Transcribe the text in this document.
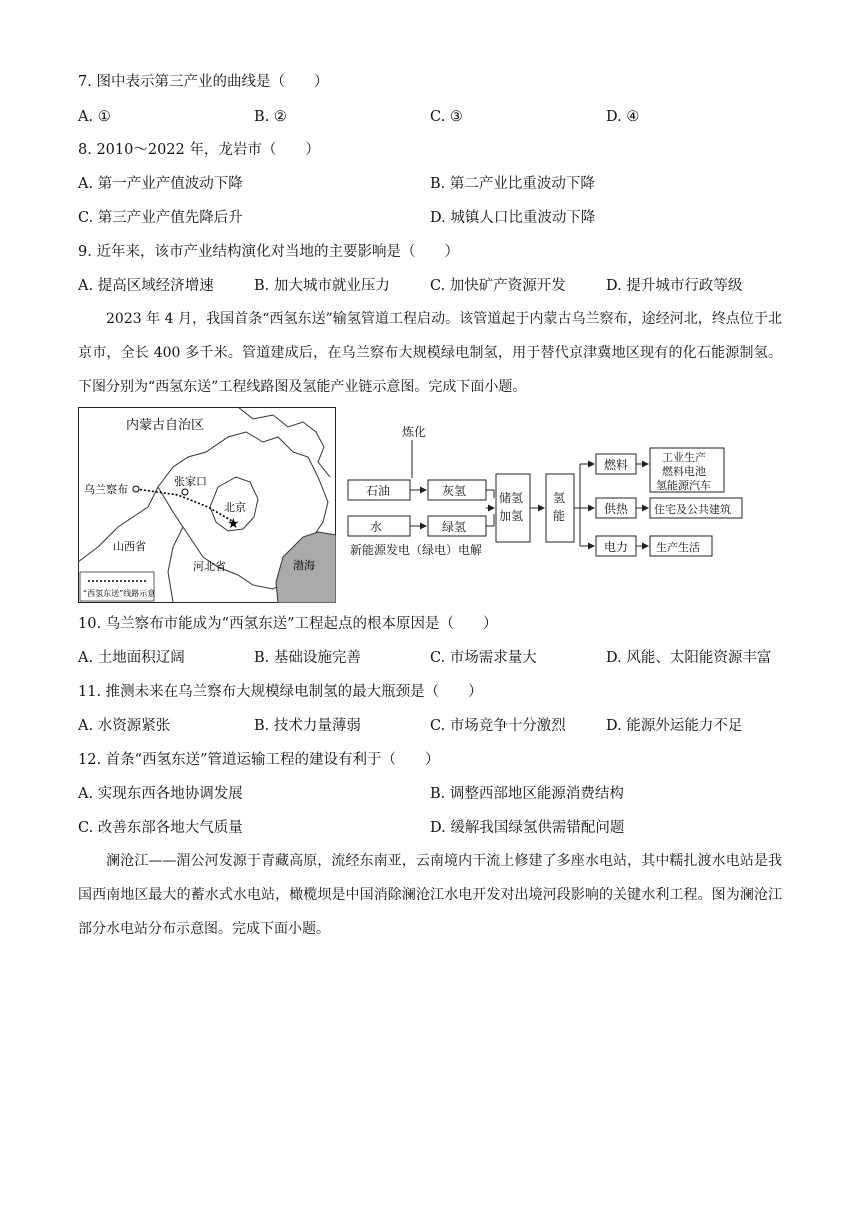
7. 图中表示第三产业的曲线是（　　）
A. ①	B. ②	C. ③	D. ④
8. 2010～2022 年，龙岩市（　　）
A. 第一产业产值波动下降	B. 第二产业比重波动下降
C. 第三产业产值先降后升	D. 城镇人口比重波动下降
9. 近年来，该市产业结构演化对当地的主要影响是（　　）
A. 提高区域经济增速	B. 加大城市就业压力	C. 加快矿产资源开发	D. 提升城市行政等级
2023 年 4 月，我国首条“西氢东送”输氢管道工程启动。该管道起于内蒙古乌兰察布，途经河北，终点位于北京市，全长 400 多千米。管道建成后，在乌兰察布大规模绿电制氢，用于替代京津冀地区现有的化石能源制氢。下图分别为“西氢东送”工程线路图及氢能产业链示意图。完成下面小题。
★
内蒙古自治区
乌兰察布
张家口
北京
山西省
河北省	渤海
“西氢东送”线路示意
炼化
石油	灰氢
水	绿氢
新能源发电（绿电）电解
储氢
加氢
氢
能
燃料
供热
电力
工业生产
燃料电池
氢能源汽车
住宅及公共建筑
生产生活
10. 乌兰察布市能成为“西氢东送”工程起点的根本原因是（　　）
A. 土地面积辽阔	B. 基础设施完善	C. 市场需求量大	D. 风能、太阳能资源丰富
11. 推测未来在乌兰察布大规模绿电制氢的最大瓶颈是（　　）
A. 水资源紧张	B. 技术力量薄弱	C. 市场竞争十分激烈	D. 能源外运能力不足
12. 首条“西氢东送”管道运输工程的建设有利于（　　）
A. 实现东西各地协调发展	B. 调整西部地区能源消费结构
C. 改善东部各地大气质量	D. 缓解我国绿氢供需错配问题
澜沧江——湄公河发源于青藏高原，流经东南亚，云南境内干流上修建了多座水电站，其中糯扎渡水电站是我国西南地区最大的蓄水式水电站，橄榄坝是中国消除澜沧江水电开发对出境河段影响的关键水利工程。图为澜沧江部分水电站分布示意图。完成下面小题。
